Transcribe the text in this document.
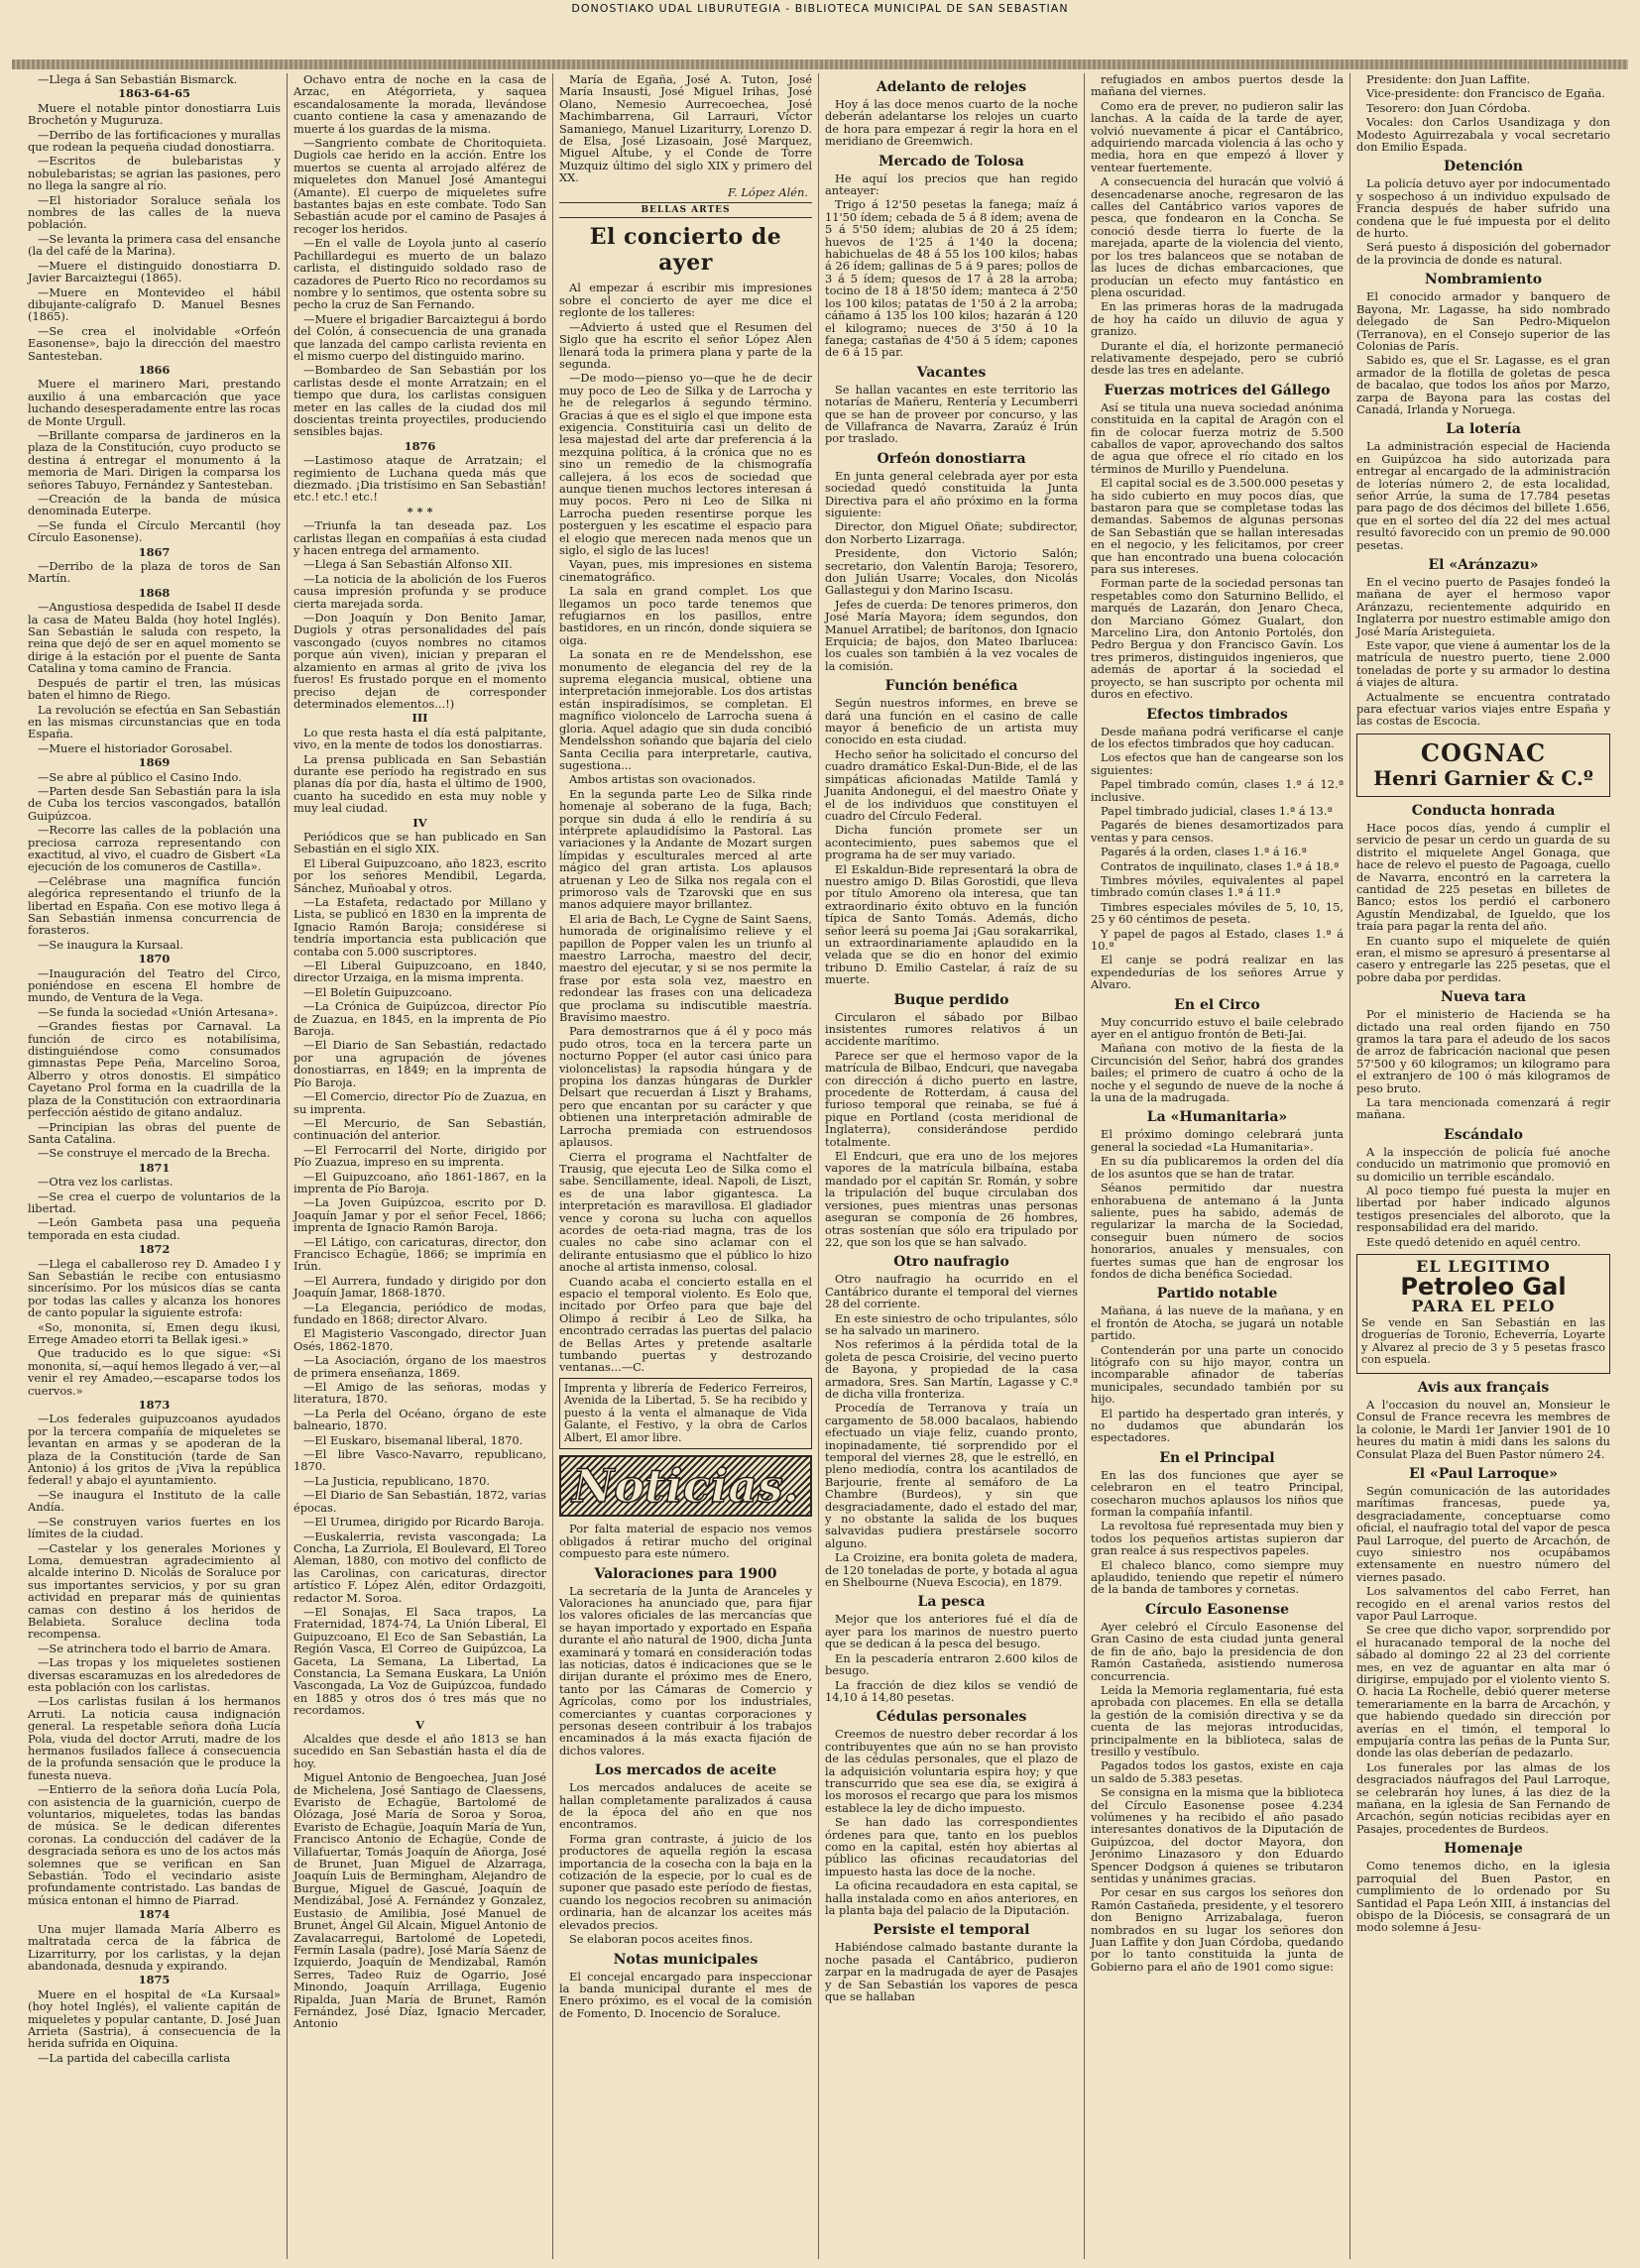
DONOSTIAKO UDAL LIBURUTEGIA - BIBLIOTECA MUNICIPAL DE SAN SEBASTIAN

—Llega á San Sebastián Bismarck.

1863-64-65

Muere el notable pintor donostiarra Luis Brochetón y Muguruza.

—Derribo de las fortificaciones y murallas que rodean la pequeña ciudad donostiarra.

—Escritos de bulebaristas y nobulebaristas; se agrian las pasiones, pero no llega la sangre al río.

—El historiador Soraluce señala los nombres de las calles de la nueva población.

—Se levanta la primera casa del ensanche (la del café de la Marina).

—Muere el distinguido donostiarra D. Javier Barcaiztegui (1865).

—Muere en Montevideo el hábil dibujante-calígrafo D. Manuel Besnes (1865).

—Se crea el inolvidable «Orfeón Easonense», bajo la dirección del maestro Santesteban.

1866

Muere el marinero Mari, prestando auxilio á una embarcación que yace luchando desesperadamente entre las rocas de Monte Urgull.

—Brillante comparsa de jardineros en la plaza de la Constitución, cuyo producto se destina á entregar el monumento á la memoria de Mari. Dirigen la comparsa los señores Tabuyo, Fernández y Santesteban.

—Creación de la banda de música denominada Euterpe.

—Se funda el Círculo Mercantil (hoy Círculo Easonense).

1867

—Derribo de la plaza de toros de San Martín.

1868

—Angustiosa despedida de Isabel II desde la casa de Mateu Balda (hoy hotel Inglés). San Sebastián le saluda con respeto, la reina que dejó de ser en aquel momento se dirige á la estación por el puente de Santa Catalina y toma camino de Francia.

Después de partir el tren, las músicas baten el himno de Riego.

La revolución se efectúa en San Sebastián en las mismas circunstancias que en toda España.

—Muere el historiador Gorosabel.

1869

—Se abre al público el Casino Indo.

—Parten desde San Sebastián para la isla de Cuba los tercios vascongados, batallón Guipúzcoa.

—Recorre las calles de la población una preciosa carroza representando con exactitud, al vivo, el cuadro de Gisbert «La ejecución de los comuneros de Castilla».

—Celébrase una magnífica función alegórica representando el triunfo de la libertad en España. Con ese motivo llega á San Sebastián inmensa concurrencia de forasteros.

—Se inaugura la Kursaal.

1870

—Inauguración del Teatro del Circo, poniéndose en escena El hombre de mundo, de Ventura de la Vega.

—Se funda la sociedad «Unión Artesana».

—Grandes fiestas por Carnaval. La función de circo es notabilísima, distinguiéndose como consumados gimnastas Pepe Peña, Marcelino Soroa, Alberro y otros donostis. El simpático Cayetano Prol forma en la cuadrilla de la plaza de la Constitución con extraordinaria perfección aéstido de gitano andaluz.

—Principian las obras del puente de Santa Catalina.

—Se construye el mercado de la Brecha.

1871

—Otra vez los carlistas.

—Se crea el cuerpo de voluntarios de la libertad.

—León Gambeta pasa una pequeña temporada en esta ciudad.

1872

—Llega el caballeroso rey D. Amadeo I y San Sebastián le recibe con entusiasmo sincerísimo. Por los músicos días se canta por todas las calles y alcanza los honores de canto popular la siguiente estrofa:

«So, mononita, sí, Emen degu ikusi, Errege Amadeo etorri ta Bellak igesi.»

Que traducido es lo que sigue: «Si mononita, sí,—aquí hemos llegado á ver,—al venir el rey Amadeo,—escaparse todos los cuervos.»

1873

—Los federales guipuzcoanos ayudados por la tercera compañía de miqueletes se levantan en armas y se apoderan de la plaza de la Constitución (tarde de San Antonio) á los gritos de ¡Viva la república federal! y abajo el ayuntamiento.

—Se inaugura el Instituto de la calle Andía.

—Se construyen varios fuertes en los límites de la ciudad.

—Castelar y los generales Moriones y Loma, demuestran agradecimiento al alcalde interino D. Nicolás de Soraluce por sus importantes servicios, y por su gran actividad en preparar más de quinientas camas con destino á los heridos de Belabieta. Soraluce declina toda recompensa.

—Se atrinchera todo el barrio de Amara.

—Las tropas y los miqueletes sostienen diversas escaramuzas en los alrededores de esta población con los carlistas.

—Los carlistas fusilan á los hermanos Arruti. La noticia causa indignación general. La respetable señora doña Lucía Pola, viuda del doctor Arruti, madre de los hermanos fusilados fallece á consecuencia de la profunda sensación que le produce la funesta nueva.

—Entierro de la señora doña Lucía Pola, con asistencia de la guarnición, cuerpo de voluntarios, miqueletes, todas las bandas de música. Se le dedican diferentes coronas. La conducción del cadáver de la desgraciada señora es uno de los actos más solemnes que se verifican en San Sebastián. Todo el vecindario asiste profundamente contristado. Las bandas de música entonan el himno de Piarrad.

1874

Una mujer llamada María Alberro es maltratada cerca de la fábrica de Lizarriturry, por los carlistas, y la dejan abandonada, desnuda y expirando.

1875

Muere en el hospital de «La Kursaal» (hoy hotel Inglés), el valiente capitán de miqueletes y popular cantante, D. José Juan Arrieta (Sastria), á consecuencia de la herida sufrida en Oiquina.

—La partida del cabecilla carlista

Ochavo entra de noche en la casa de Arzac, en Atégorrieta, y saquea escandalosamente la morada, llevándose cuanto contiene la casa y amenazando de muerte á los guardas de la misma.

—Sangriento combate de Choritoquieta. Dugiols cae herido en la acción. Entre los muertos se cuenta al arrojado alférez de miqueletes don Manuel José Amantegui (Amante). El cuerpo de miqueletes sufre bastantes bajas en este combate. Todo San Sebastián acude por el camino de Pasajes á recoger los heridos.

—En el valle de Loyola junto al caserío Pachillardegui es muerto de un balazo carlista, el distinguido soldado raso de cazadores de Puerto Rico no recordamos su nombre y lo sentimos, que ostenta sobre su pecho la cruz de San Fernando.

—Muere el brigadier Barcaiztegui á bordo del Colón, á consecuencia de una granada que lanzada del campo carlista revienta en el mismo cuerpo del distinguido marino.

—Bombardeo de San Sebastián por los carlistas desde el monte Arratzain; en el tiempo que dura, los carlistas consiguen meter en las calles de la ciudad dos mil doscientas treinta proyectiles, produciendo sensibles bajas.

1876

—Lastimoso ataque de Arratzain; el regimiento de Luchana queda más que diezmado. ¡Dia tristísimo en San Sebastián! etc.! etc.! etc.!

* * *

—Triunfa la tan deseada paz. Los carlistas llegan en compañías á esta ciudad y hacen entrega del armamento.

—Llega á San Sebastián Alfonso XII.

—La noticia de la abolición de los Fueros causa impresión profunda y se produce cierta marejada sorda.

—Don Joaquín y Don Benito Jamar, Dugiols y otras personalidades del país vascongado (cuyos nombres no citamos porque aún viven), inician y preparan el alzamiento en armas al grito de ¡viva los fueros! Es frustado porque en el momento preciso dejan de corresponder determinados elementos...!)

III

Lo que resta hasta el día está palpitante, vivo, en la mente de todos los donostiarras.

La prensa publicada en San Sebastián durante ese período ha registrado en sus planas día por día, hasta el último de 1900, cuanto ha sucedido en esta muy noble y muy leal ciudad.

IV

Periódicos que se han publicado en San Sebastián en el siglo XIX.

El Liberal Guipuzcoano, año 1823, escrito por los señores Mendibil, Legarda, Sánchez, Muñoabal y otros.

—La Estafeta, redactado por Millano y Lista, se publicó en 1830 en la imprenta de Ignacio Ramón Baroja; considérese si tendría importancia esta publicación que contaba con 5.000 suscriptores.

—El Liberal Guipuzcoano, en 1840, director Urzaiga, en la misma imprenta.

—El Boletín Guipuzcoano.

—La Crónica de Guipúzcoa, director Pío de Zuazua, en 1845, en la imprenta de Pío Baroja.

—El Diario de San Sebastián, redactado por una agrupación de jóvenes donostiarras, en 1849; en la imprenta de Pío Baroja.

—El Comercio, director Pío de Zuazua, en su imprenta.

—El Mercurio, de San Sebastián, continuación del anterior.

—El Ferrocarril del Norte, dirigido por Pío Zuazua, impreso en su imprenta.

—El Guipuzcoano, año 1861-1867, en la imprenta de Pío Baroja.

—La Joven Guipúzcoa, escrito por D. Joaquín Jamar y por el señor Fecel, 1866; imprenta de Ignacio Ramón Baroja.

—El Látigo, con caricaturas, director, don Francisco Echagüe, 1866; se imprimía en Irún.

—El Aurrera, fundado y dirigido por don Joaquín Jamar, 1868-1870.

—La Elegancia, periódico de modas, fundado en 1868; director Alvaro.

El Magisterio Vascongado, director Juan Osés, 1862-1870.

—La Asociación, órgano de los maestros de primera enseñanza, 1869.

—El Amigo de las señoras, modas y literatura, 1870.

—La Perla del Océano, órgano de este balneario, 1870.

—El Euskaro, bisemanal liberal, 1870.

—El libre Vasco-Navarro, republicano, 1870.

—La Justicia, republicano, 1870.

—El Diario de San Sebastián, 1872, varias épocas.

—El Urumea, dirigido por Ricardo Baroja.

—Euskalerria, revista vascongada; La Concha, La Zurriola, El Boulevard, El Toreo Aleman, 1880, con motivo del conflicto de las Carolinas, con caricaturas, director artístico F. López Alén, editor Ordazgoiti, redactor M. Soroa.

—El Sonajas, El Saca trapos, La Fraternidad, 1874-74, La Unión Liberal, El Guipuzcoano, El Eco de San Sebastián, La Región Vasca, El Correo de Guipúzcoa, La Gaceta, La Semana, La Libertad, La Constancia, La Semana Euskara, La Unión Vascongada, La Voz de Guipúzcoa, fundado en 1885 y otros dos ó tres más que no recordamos.

V

Alcaldes que desde el año 1813 se han sucedido en San Sebastián hasta el día de hoy.

Miguel Antonio de Bengoechea, Juan José de Michelena, José Santiago de Claessens, Evaristo de Echagüe, Bartolomé de Olózaga, José María de Soroa y Soroa, Evaristo de Echagüe, Joaquín María de Yun, Francisco Antonio de Echagüe, Conde de Villafuertar, Tomás Joaquín de Añorga, José de Brunet, Juan Miguel de Alzarraga, Joaquín Luis de Bermingham, Alejandro de Burgue, Miguel de Gascué, Joaquín de Mendizábal, José A. Fernández y Gonzalez, Eustasio de Amilibia, José Manuel de Brunet, Ángel Gil Alcain, Miguel Antonio de Zavalacarregui, Bartolomé de Lopetedi, Fermín Lasala (padre), José María Sáenz de Izquierdo, Joaquín de Mendizabal, Ramón Serres, Tadeo Ruiz de Ogarrio, José Minondo, Joaquín Arrillaga, Eugenio Ripalda, Juan María de Brunet, Ramón Fernández, José Díaz, Ignacio Mercader, Antonio

María de Egaña, José A. Tuton, José María Insausti, José Miguel Irihas, José Olano, Nemesio Aurrecoechea, José Machimbarrena, Gil Larrauri, Víctor Samaniego, Manuel Lizariturry, Lorenzo D. de Elsa, José Lizasoain, José Marquez, Miguel Altube, y el Conde de Torre Muzquiz último del siglo XIX y primero del XX.

F. López Alén.
BELLAS ARTES
El concierto de ayer

Al empezar á escribir mis impresiones sobre el concierto de ayer me dice el reglonte de los talleres:

—Advierto á usted que el Resumen del Siglo que ha escrito el señor López Alen llenará toda la primera plana y parte de la segunda.

—De modo—pienso yo—que he de decir muy poco de Leo de Silka y de Larrocha y he de relegarlos á segundo término. Gracias á que es el siglo el que impone esta exigencia. Constituiría casi un delito de lesa majestad del arte dar preferencia á la mezquina política, á la crónica que no es sino un remedio de la chismografía callejera, á los ecos de sociedad que aunque tienen muchos lectores interesan á muy pocos. Pero ni Leo de Silka ni Larrocha pueden resentirse porque les posterguen y les escatime el espacio para el elogio que merecen nada menos que un siglo, el siglo de las luces!

Vayan, pues, mis impresiones en sistema cinematográfico.

La sala en grand complet. Los que llegamos un poco tarde tenemos que refugiarnos en los pasillos, entre bastidores, en un rincón, donde siquiera se oiga.

La sonata en re de Mendelsshon, ese monumento de elegancia del rey de la suprema elegancia musical, obtiene una interpretación inmejorable. Los dos artistas están inspiradísimos, se completan. El magnífico violoncelo de Larrocha suena á gloria. Aquel adagio que sin duda concibió Mendelsshon soñando que bajaría del cielo Santa Cecilia para interpretarle, cautiva, sugestiona...

Ambos artistas son ovacionados.

En la segunda parte Leo de Silka rinde homenaje al soberano de la fuga, Bach; porque sin duda á ello le rendiría á su intérprete aplaudidísimo la Pastoral. Las variaciones y la Andante de Mozart surgen límpidas y esculturales merced al arte mágico del gran artista. Los aplausos atruenan y Leo de Silka nos regala con el primoroso vals de Tzarovski que en sus manos adquiere mayor brillantez.

El aria de Bach, Le Cygne de Saint Saens, humorada de originalísimo relieve y el papillon de Popper valen les un triunfo al maestro Larrocha, maestro del decir, maestro del ejecutar, y si se nos permite la frase por esta sola vez, maestro en redondear las frases con una delicadeza que proclama su indiscutible maestría. Bravísimo maestro.

Para demostrarnos que á él y poco más pudo otros, toca en la tercera parte un nocturno Popper (el autor casi único para violoncelistas) la rapsodia húngara y de propina los danzas húngaras de Durkler Delsart que recuerdan á Liszt y Brahams, pero que encantan por su carácter y que obtienen una interpretación admirable de Larrocha premiada con estruendosos aplausos.

Cierra el programa el Nachtfalter de Trausig, que ejecuta Leo de Silka como el sabe. Sencillamente, ideal. Napoli, de Liszt, es de una labor gigantesca. La interpretación es maravillosa. El gladiador vence y corona su lucha con aquellos acordes de oeta-riad magna, tras de los cuales no cabe sino aclamar con el delirante entusiasmo que el público lo hizo anoche al artista inmenso, colosal.

Cuando acaba el concierto estalla en el espacio el temporal violento. Es Eolo que, incitado por Orfeo para que baje del Olimpo á recibir á Leo de Silka, ha encontrado cerradas las puertas del palacio de Bellas Artes y pretende asaltarle tumbando puertas y destrozando ventanas...—C.

Imprenta y librería de Federico Ferreiros, Avenida de la Libertad, 5. Se ha recibido y puesto á la venta el almanaque de Vida Galante, el Festivo, y la obra de Carlos Albert, El amor libre.
Noticias.

Por falta material de espacio nos vemos obligados á retirar mucho del original compuesto para este número.

Valoraciones para 1900

La secretaría de la Junta de Aranceles y Valoraciones ha anunciado que, para fijar los valores oficiales de las mercancías que se hayan importado y exportado en España durante el año natural de 1900, dicha Junta examinará y tomará en consideración todas las noticias, datos é indicaciones que se le dirijan durante el próximo mes de Enero, tanto por las Cámaras de Comercio y Agrícolas, como por los industriales, comerciantes y cuantas corporaciones y personas deseen contribuir á los trabajos encaminados á la más exacta fijación de dichos valores.

Los mercados de aceite

Los mercados andaluces de aceite se hallan completamente paralizados á causa de la época del año en que nos encontramos.

Forma gran contraste, á juicio de los productores de aquella región la escasa importancia de la cosecha con la baja en la cotización de la especie, por lo cual es de suponer que pasado este período de fiestas, cuando los negocios recobren su animación ordinaria, han de alcanzar los aceites más elevados precios.

Se elaboran pocos aceites finos.

Notas municipales

El concejal encargado para inspeccionar la banda municipal durante el mes de Enero próximo, es el vocal de la comisión de Fomento, D. Inocencio de Soraluce.

Adelanto de relojes

Hoy á las doce menos cuarto de la noche deberán adelantarse los relojes un cuarto de hora para empezar á regir la hora en el meridiano de Greemwich.

Mercado de Tolosa

He aquí los precios que han regido anteayer:

Trigo á 12'50 pesetas la fanega; maíz á 11'50 ídem; cebada de 5 á 8 ídem; avena de 5 á 5'50 ídem; alubias de 20 á 25 ídem; huevos de 1'25 á 1'40 la docena; habichuelas de 48 á 55 los 100 kilos; habas á 26 ídem; gallinas de 5 á 9 pares; pollos de 3 á 5 ídem; quesos de 17 á 28 la arroba; tocino de 18 á 18'50 ídem; manteca á 2'50 los 100 kilos; patatas de 1'50 á 2 la arroba; cáñamo á 135 los 100 kilos; hazarán á 120 el kilogramo; nueces de 3'50 á 10 la fanega; castañas de 4'50 á 5 ídem; capones de 6 á 15 par.

Vacantes

Se hallan vacantes en este territorio las notarías de Mañeru, Rentería y Lecumberri que se han de proveer por concurso, y las de Villafranca de Navarra, Zaraúz é Irún por traslado.

Orfeón donostiarra

En junta general celebrada ayer por esta sociedad quedó constituida la Junta Directiva para el año próximo en la forma siguiente:

Director, don Miguel Oñate; subdirector, don Norberto Lizarraga.

Presidente, don Victorio Salón; secretario, don Valentín Baroja; Tesorero, don Julián Usarre; Vocales, don Nicolás Gallastegui y don Marino Iscasu.

Jefes de cuerda: De tenores primeros, don José María Mayora; ídem segundos, don Manuel Arratibel; de barítonos, don Ignacio Erquicia; de bajos, don Mateo Ibarlucea: los cuales son también á la vez vocales de la comisión.

Función benéfica

Según nuestros informes, en breve se dará una función en el casino de calle mayor á beneficio de un artista muy conocido en esta ciudad.

Hecho señor ha solicitado el concurso del cuadro dramático Eskal-Dun-Bide, el de las simpáticas aficionadas Matilde Tamlá y Juanita Andonegui, el del maestro Oñate y el de los individuos que constituyen el cuadro del Círculo Federal.

Dicha función promete ser un acontecimiento, pues sabemos que el programa ha de ser muy variado.

El Eskaldun-Bide representará la obra de nuestro amigo D. Bilas Gorostidi, que lleva por título Amoreno ola interesa, que tan extraordinario éxito obtuvo en la función típica de Santo Tomás. Además, dicho señor leerá su poema Jai ¡Gau sorakarrikal, un extraordinariamente aplaudido en la velada que se dio en honor del eximio tribuno D. Emilio Castelar, á raíz de su muerte.

Buque perdido

Circularon el sábado por Bilbao insistentes rumores relativos á un accidente marítimo.

Parece ser que el hermoso vapor de la matrícula de Bilbao, Endcuri, que navegaba con dirección á dicho puerto en lastre, procedente de Rotterdam, á causa del furioso temporal que reinaba, se fué á pique en Portland (costa meridional de Inglaterra), considerándose perdido totalmente.

El Endcuri, que era uno de los mejores vapores de la matrícula bilbaína, estaba mandado por el capitán Sr. Román, y sobre la tripulación del buque circulaban dos versiones, pues mientras unas personas aseguran se componía de 26 hombres, otras sostenían que sólo era tripulado por 22, que son los que se han salvado.

Otro naufragio

Otro naufragio ha ocurrido en el Cantábrico durante el temporal del viernes 28 del corriente.

En este siniestro de ocho tripulantes, sólo se ha salvado un marinero.

Nos referimos á la pérdida total de la goleta de pesca Croisirie, del vecino puerto de Bayona, y propiedad de la casa armadora, Sres. San Martín, Lagasse y C.ª de dicha villa fronteriza.

Procedía de Terranova y traía un cargamento de 58.000 bacalaos, habiendo efectuado un viaje feliz, cuando pronto, inopinadamente, tié sorprendido por el temporal del viernes 28, que le estrelló, en pleno mediodía, contra los acantilados de Barjourie, frente al semáforo de La Chambre (Burdeos), y sin que desgraciadamente, dado el estado del mar, y no obstante la salida de los buques salvavidas pudiera prestársele socorro alguno.

La Croizine, era bonita goleta de madera, de 120 toneladas de porte, y botada al agua en Shelbourne (Nueva Escocia), en 1879.

La pesca

Mejor que los anteriores fué el día de ayer para los marinos de nuestro puerto que se dedican á la pesca del besugo.

En la pescadería entraron 2.600 kilos de besugo.

La fracción de diez kilos se vendió de 14,10 á 14,80 pesetas.

Cédulas personales

Creemos de nuestro deber recordar á los contribuyentes que aún no se han provisto de las cédulas personales, que el plazo de la adquisición voluntaria espira hoy; y que transcurrido que sea ese día, se exigirá á los morosos el recargo que para los mismos establece la ley de dicho impuesto.

Se han dado las correspondientes órdenes para que, tanto en los pueblos como en la capital, estén hoy abiertas al público las oficinas recaudatorias del impuesto hasta las doce de la noche.

La oficina recaudadora en esta capital, se halla instalada como en años anteriores, en la planta baja del palacio de la Diputación.

Persiste el temporal

Habiéndose calmado bastante durante la noche pasada el Cantábrico, pudieron zarpar en la madrugada de ayer de Pasajes y de San Sebastián los vapores de pesca que se hallaban

refugiados en ambos puertos desde la mañana del viernes.

Como era de prever, no pudieron salir las lanchas. A la caída de la tarde de ayer, volvió nuevamente á picar el Cantábrico, adquiriendo marcada violencia á las ocho y media, hora en que empezó á llover y ventear fuertemente.

A consecuencia del huracán que volvió á desencadenarse anoche, regresaron de las calles del Cantábrico varios vapores de pesca, que fondearon en la Concha. Se conoció desde tierra lo fuerte de la marejada, aparte de la violencia del viento, por los tres balanceos que se notaban de las luces de dichas embarcaciones, que producían un efecto muy fantástico en plena oscuridad.

En las primeras horas de la madrugada de hoy ha caído un diluvio de agua y granizo.

Durante el día, el horizonte permaneció relativamente despejado, pero se cubrió desde las tres en adelante.

Fuerzas motrices del Gállego

Así se titula una nueva sociedad anónima constituida en la capital de Aragón con el fin de colocar fuerza motriz de 5.500 caballos de vapor, aprovechando dos saltos de agua que ofrece el río citado en los términos de Murillo y Puendeluna.

El capital social es de 3.500.000 pesetas y ha sido cubierto en muy pocos días, que bastaron para que se completase todas las demandas. Sabemos de algunas personas de San Sebastián que se hallan interesadas en el negocio, y les felicitamos, por creer que han encontrado una buena colocación para sus intereses.

Forman parte de la sociedad personas tan respetables como don Saturnino Bellido, el marqués de Lazarán, don Jenaro Checa, don Marciano Gómez Gualart, don Marcelino Lira, don Antonio Portolés, don Pedro Bergua y don Francisco Gavín. Los tres primeros, distinguidos ingenieros, que además de aportar á la sociedad el proyecto, se han suscripto por ochenta mil duros en efectivo.

Efectos timbrados

Desde mañana podrá verificarse el canje de los efectos timbrados que hoy caducan.

Los efectos que han de cangearse son los siguientes:

Papel timbrado común, clases 1.ª á 12.ª inclusive.

Papel timbrado judicial, clases 1.ª á 13.ª

Pagarés de bienes desamortizados para ventas y para censos.

Pagarés á la orden, clases 1.ª á 16.ª

Contratos de inquilinato, clases 1.ª á 18.ª

Timbres móviles, equivalentes al papel timbrado común clases 1.ª á 11.ª

Timbres especiales móviles de 5, 10, 15, 25 y 60 céntimos de peseta.

Y papel de pagos al Estado, clases 1.ª á 10.ª

El canje se podrá realizar en las expendedurías de los señores Arrue y Alvaro.

En el Circo

Muy concurrido estuvo el baile celebrado ayer en el antiguo frontón de Beti-Jai.

Mañana con motivo de la fiesta de la Circuncisión del Señor, habrá dos grandes bailes; el primero de cuatro á ocho de la noche y el segundo de nueve de la noche á la una de la madrugada.

La «Humanitaria»

El próximo domingo celebrará junta general la sociedad «La Humanitaria».

En su día publicaremos la orden del día de los asuntos que se han de tratar.

Séanos permitido dar nuestra enhorabuena de antemano á la Junta saliente, pues ha sabido, además de regularizar la marcha de la Sociedad, conseguir buen número de socios honorarios, anuales y mensuales, con fuertes sumas que han de engrosar los fondos de dicha benéfica Sociedad.

Partido notable

Mañana, á las nueve de la mañana, y en el frontón de Atocha, se jugará un notable partido.

Contenderán por una parte un conocido litógrafo con su hijo mayor, contra un incomparable afinador de taberías municipales, secundado también por su hijo.

El partido ha despertado gran interés, y no dudamos que abundarán los espectadores.

En el Principal

En las dos funciones que ayer se celebraron en el teatro Principal, cosecharon muchos aplausos los niños que forman la compañía infantil.

La revoltosa fué representada muy bien y todos los pequeños artistas supieron dar gran realce á sus respectivos papeles.

El chaleco blanco, como siempre muy aplaudido, teniendo que repetir el número de la banda de tambores y cornetas.

Círculo Easonense

Ayer celebró el Círculo Easonense del Gran Casino de esta ciudad junta general de fin de año, bajo la presidencia de don Ramón Castañeda, asistiendo numerosa concurrencia.

Leída la Memoria reglamentaria, fué esta aprobada con placemes. En ella se detalla la gestión de la comisión directiva y se da cuenta de las mejoras introducidas, principalmente en la biblioteca, salas de tresillo y vestíbulo.

Pagados todos los gastos, existe en caja un saldo de 5.383 pesetas.

Se consigna en la misma que la biblioteca del Círculo Easonense posee 4.234 volúmenes y ha recibido el año pasado interesantes donativos de la Diputación de Guipúzcoa, del doctor Mayora, don Jerónimo Linazasoro y don Eduardo Spencer Dodgson á quienes se tributaron sentidas y unánimes gracias.

Por cesar en sus cargos los señores don Ramón Castañeda, presidente, y el tesorero don Benigno Arrizabalaga, fueron nombrados en su lugar los señores don Juan Laffite y don Juan Córdoba, quedando por lo tanto constituida la junta de Gobierno para el año de 1901 como sigue:

Presidente: don Juan Laffite.

Vice-presidente: don Francisco de Egaña.

Tesorero: don Juan Córdoba.

Vocales: don Carlos Usandizaga y don Modesto Aguirrezabala y vocal secretario don Emilio Espada.

Detención

La policía detuvo ayer por indocumentado y sospechoso á un individuo expulsado de Francia después de haber sufrido una condena que le fué impuesta por el delito de hurto.

Será puesto á disposición del gobernador de la provincia de donde es natural.

Nombramiento

El conocido armador y banquero de Bayona, Mr. Lagasse, ha sido nombrado delegado de San Pedro-Miquelon (Terranova), en el Consejo superior de las Colonias de París.

Sabido es, que el Sr. Lagasse, es el gran armador de la flotilla de goletas de pesca de bacalao, que todos los años por Marzo, zarpa de Bayona para las costas del Canadá, Irlanda y Noruega.

La lotería

La administración especial de Hacienda en Guipúzcoa ha sido autorizada para entregar al encargado de la administración de loterías número 2, de esta localidad, señor Arrúe, la suma de 17.784 pesetas para pago de dos décimos del billete 1.656, que en el sorteo del día 22 del mes actual resultó favorecido con un premio de 90.000 pesetas.

El «Aránzazu»

En el vecino puerto de Pasajes fondeó la mañana de ayer el hermoso vapor Aránzazu, recientemente adquirido en Inglaterra por nuestro estimable amigo don José María Aristeguieta.

Este vapor, que viene á aumentar los de la matrícula de nuestro puerto, tiene 2.000 toneladas de porte y su armador lo destina á viajes de altura.

Actualmente se encuentra contratado para efectuar varios viajes entre España y las costas de Escocia.

COGNAC
Henri Garnier & C.º
Conducta honrada

Hace pocos días, yendo á cumplir el servicio de pesar un cerdo un guarda de su distrito el miquelete Angel Gonaga, que hace de relevo el puesto de Pagoaga, cuello de Navarra, encontró en la carretera la cantidad de 225 pesetas en billetes de Banco; estos los perdió el carbonero Agustín Mendizabal, de Igueldo, que los traía para pagar la renta del año.

En cuanto supo el miquelete de quién eran, el mismo se apresuró á presentarse al casero y entregarle las 225 pesetas, que el pobre daba por perdidas.

Nueva tara

Por el ministerio de Hacienda se ha dictado una real orden fijando en 750 gramos la tara para el adeudo de los sacos de arroz de fabricación nacional que pesen 57'500 y 60 kilogramos; un kilogramo para el extranjero de 100 ó más kilogramos de peso bruto.

La tara mencionada comenzará á regir mañana.

Escándalo

A la inspección de policía fué anoche conducido un matrimonio que promovió en su domicilio un terrible escándalo.

Al poco tiempo fué puesta la mujer en libertad por haber indicado algunos testigos presenciales del alboroto, que la responsabilidad era del marido.

Este quedó detenido en aquél centro.

EL LEGITIMO
Petroleo Gal
PARA EL PELO
Se vende en San Sebastián en las droguerías de Toronio, Echeverría, Loyarte y Alvarez al precio de 3 y 5 pesetas frasco con espuela.
Avis aux français

A l'occasion du nouvel an, Monsieur le Consul de France recevra les membres de la colonie, le Mardi 1er Janvier 1901 de 10 heures du matin à midi dans les salons du Consulat Plaza del Buen Pastor número 24.

El «Paul Larroque»

Según comunicación de las autoridades marítimas francesas, puede ya, desgraciadamente, conceptuarse como oficial, el naufragio total del vapor de pesca Paul Larroque, del puerto de Arcachón, de cuyo siniestro nos ocupábamos extensamente en nuestro número del viernes pasado.

Los salvamentos del cabo Ferret, han recogido en el arenal varios restos del vapor Paul Larroque.

Se cree que dicho vapor, sorprendido por el huracanado temporal de la noche del sábado al domingo 22 al 23 del corriente mes, en vez de aguantar en alta mar ó dirigirse, empujado por el violento viento S. O. hacia La Rochelle, debió querer meterse temerariamente en la barra de Arcachón, y que habiendo quedado sin dirección por averías en el timón, el temporal lo empujaría contra las peñas de la Punta Sur, donde las olas deberían de pedazarlo.

Los funerales por las almas de los desgraciados náufragos del Paul Larroque, se celebrarán hoy lunes, á las diez de la mañana, en la iglesia de San Fernando de Arcachón, según noticias recibidas ayer en Pasajes, procedentes de Burdeos.

Homenaje

Como tenemos dicho, en la iglesia parroquial del Buen Pastor, en cumplimiento de lo ordenado por Su Santidad el Papa León XIII, á instancias del obispo de la Diócesis, se consagrará de un modo solemne á Jesu-
